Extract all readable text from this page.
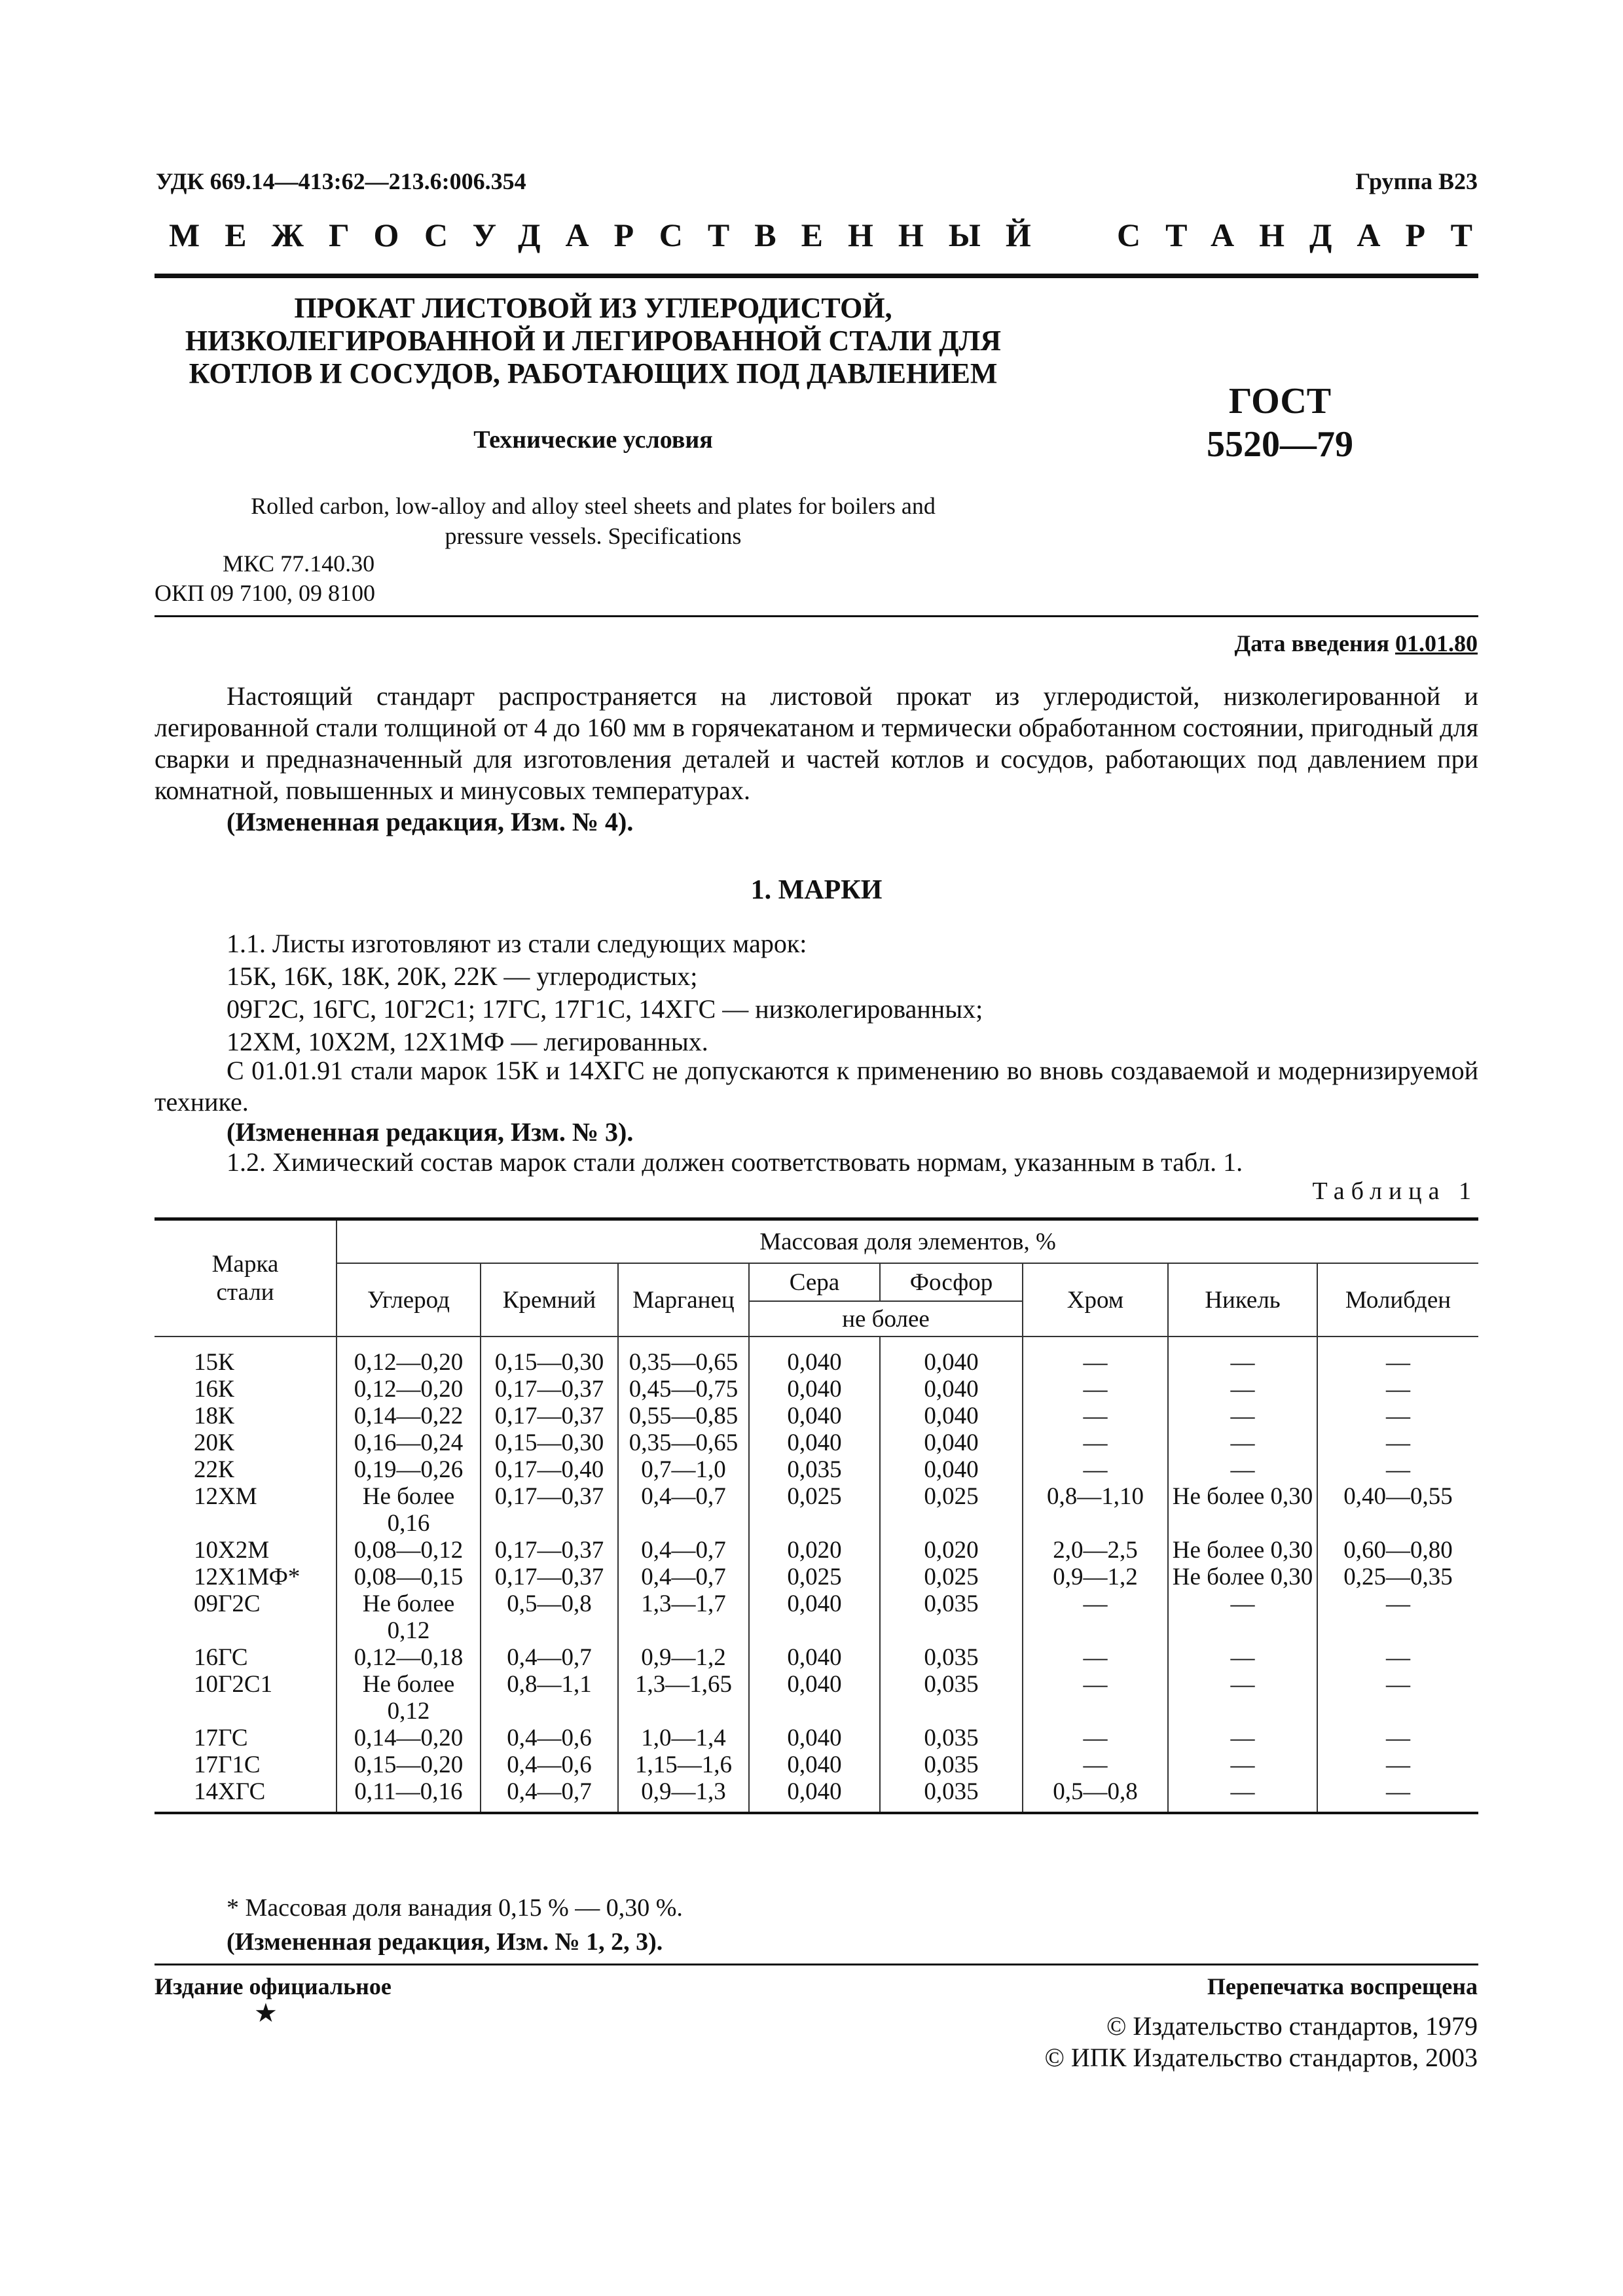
УДК 669.14—413:62—213.6:006.354	Группа В23
МЕЖГОСУДАРСТВЕННЫЙ СТАНДАРТ
ПРОКАТ ЛИСТОВОЙ ИЗ УГЛЕРОДИСТОЙ,
НИЗКОЛЕГИРОВАННОЙ И ЛЕГИРОВАННОЙ СТАЛИ ДЛЯ
КОТЛОВ И СОСУДОВ, РАБОТАЮЩИХ ПОД ДАВЛЕНИЕМ
ГОСТ
5520—79
Технические условия
Rolled carbon, low-alloy and alloy steel sheets and plates for boilers and
pressure vessels. Specifications
МКС 77.140.30
ОКП 09 7100, 09 8100
Дата введения 01.01.80
Настоящий стандарт распространяется на листовой прокат из углеродистой, низколегированной и легированной стали толщиной от 4 до 160 мм в горячекатаном и термически обработанном состоянии, пригодный для сварки и предназначенный для изготовления деталей и частей котлов и сосудов, работающих под давлением при комнатной, повышенных и минусовых температурах.
(Измененная редакция, Изм. № 4).
1. МАРКИ
1.1. Листы изготовляют из стали следующих марок:
15К, 16К, 18К, 20К, 22К — углеродистых;
09Г2С, 16ГС, 10Г2С1; 17ГС, 17Г1С, 14ХГС — низколегированных;
12ХМ, 10Х2М, 12Х1МФ — легированных.
С 01.01.91 стали марок 15К и 14ХГС не допускаются к применению во вновь создаваемой и модернизируемой технике.
(Измененная редакция, Изм. № 3).
1.2. Химический состав марок стали должен соответствовать нормам, указанным в табл. 1.
Таблица 1
Марка стали	Массовая доля элементов, %							
	Углерод	Кремний	Марганец	Сера	Фосфор	Хром	Никель	Молибден
				не более				
15К	0,12—0,20	0,15—0,30	0,35—0,65	0,040	0,040	—	—	—
16К	0,12—0,20	0,17—0,37	0,45—0,75	0,040	0,040	—	—	—
18К	0,14—0,22	0,17—0,37	0,55—0,85	0,040	0,040	—	—	—
20К	0,16—0,24	0,15—0,30	0,35—0,65	0,040	0,040	—	—	—
22К	0,19—0,26	0,17—0,40	0,7—1,0	0,035	0,040	—	—	—
12ХМ	Не более 0,16	0,17—0,37	0,4—0,7	0,025	0,025	0,8—1,10	Не более 0,30	0,40—0,55
10Х2М	0,08—0,12	0,17—0,37	0,4—0,7	0,020	0,020	2,0—2,5	Не более 0,30	0,60—0,80
12Х1МФ*	0,08—0,15	0,17—0,37	0,4—0,7	0,025	0,025	0,9—1,2	Не более 0,30	0,25—0,35
09Г2С	Не более 0,12	0,5—0,8	1,3—1,7	0,040	0,035	—	—	—
16ГС	0,12—0,18	0,4—0,7	0,9—1,2	0,040	0,035	—	—	—
10Г2С1	Не более 0,12	0,8—1,1	1,3—1,65	0,040	0,035	—	—	—
17ГС	0,14—0,20	0,4—0,6	1,0—1,4	0,040	0,035	—	—	—
17Г1С	0,15—0,20	0,4—0,6	1,15—1,6	0,040	0,035	—	—	—
14ХГС	0,11—0,16	0,4—0,7	0,9—1,3	0,040	0,035	0,5—0,8	—	—
* Массовая доля ванадия 0,15 % — 0,30 %.
(Измененная редакция, Изм. № 1, 2, 3).
Издание официальное
★
Перепечатка воспрещена
© Издательство стандартов, 1979
© ИПК Издательство стандартов, 2003
